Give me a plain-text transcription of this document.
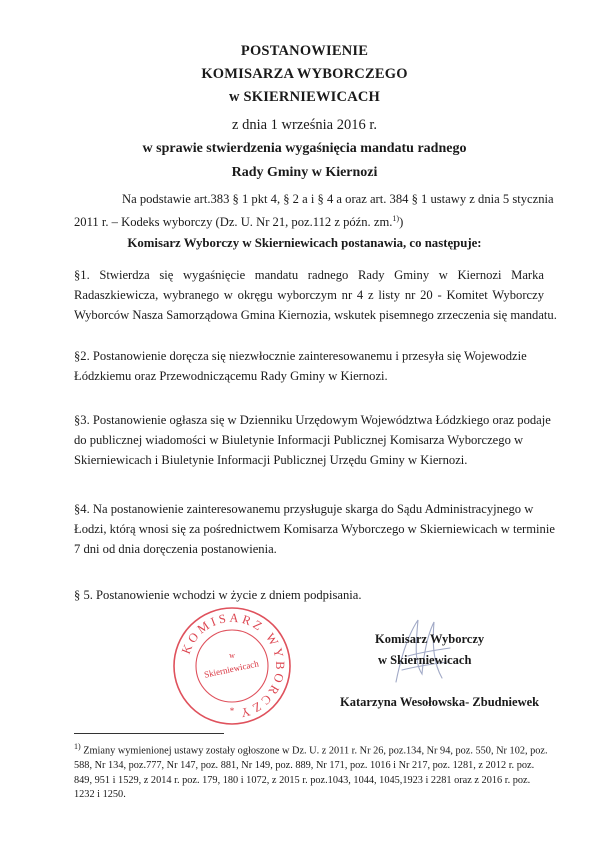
POSTANOWIENIE
KOMISARZA WYBORCZEGO
w SKIERNIEWICACH
z dnia 1 września 2016 r.
w sprawie stwierdzenia wygaśnięcia mandatu radnego
Rady Gminy w Kiernozi
Na podstawie art.383 § 1 pkt 4, § 2 a i § 4 a oraz art. 384 § 1 ustawy z dnia 5 stycznia
2011 r. – Kodeks wyborczy (Dz. U. Nr 21, poz.112 z późn. zm.$^{1)}$)
Komisarz Wyborczy w Skierniewicach postanawia, co następuje:
§1. Stwierdza się wygaśnięcie mandatu radnego Rady Gminy w Kiernozi Marka
Radaszkiewicza, wybranego w okręgu wyborczym nr 4 z listy nr 20 - Komitet Wyborczy
Wyborców Nasza Samorządowa Gmina Kiernozia, wskutek pisemnego zrzeczenia się mandatu.
§2. Postanowienie doręcza się niezwłocznie zainteresowanemu i przesyła się Wojewodzie
Łódzkiemu oraz Przewodniczącemu Rady Gminy w Kiernozi.
§3. Postanowienie ogłasza się w Dzienniku Urzędowym Województwa Łódzkiego oraz podaje
do publicznej wiadomości w Biuletynie Informacji Publicznej Komisarza Wyborczego w
Skierniewicach i Biuletynie Informacji Publicznej Urzędu Gminy w Kiernozi.
§4. Na postanowienie zainteresowanemu przysługuje skarga do Sądu Administracyjnego w
Łodzi, którą wnosi się za pośrednictwem Komisarza Wyborczego w Skierniewicach w terminie
7 dni od dnia doręczenia postanowienia.
§ 5. Postanowienie wchodzi w życie z dniem podpisania.
KOMISARZ WYBORCZY
w
Skierniewicach
*
Komisarz Wyborczy
w Skierniewicach
Katarzyna Wesołowska- Zbudniewek
$^{1)}$ Zmiany wymienionej ustawy zostały ogłoszone w Dz. U. z 2011 r. Nr 26, poz.134, Nr 94, poz. 550, Nr 102, poz.
588, Nr 134, poz.777, Nr 147, poz. 881, Nr 149, poz. 889, Nr 171, poz. 1016 i Nr 217, poz. 1281, z 2012 r. poz.
849, 951 i 1529, z 2014 r. poz. 179, 180 i 1072, z 2015 r. poz.1043, 1044, 1045,1923 i 2281 oraz z 2016 r. poz.
1232 i 1250.
